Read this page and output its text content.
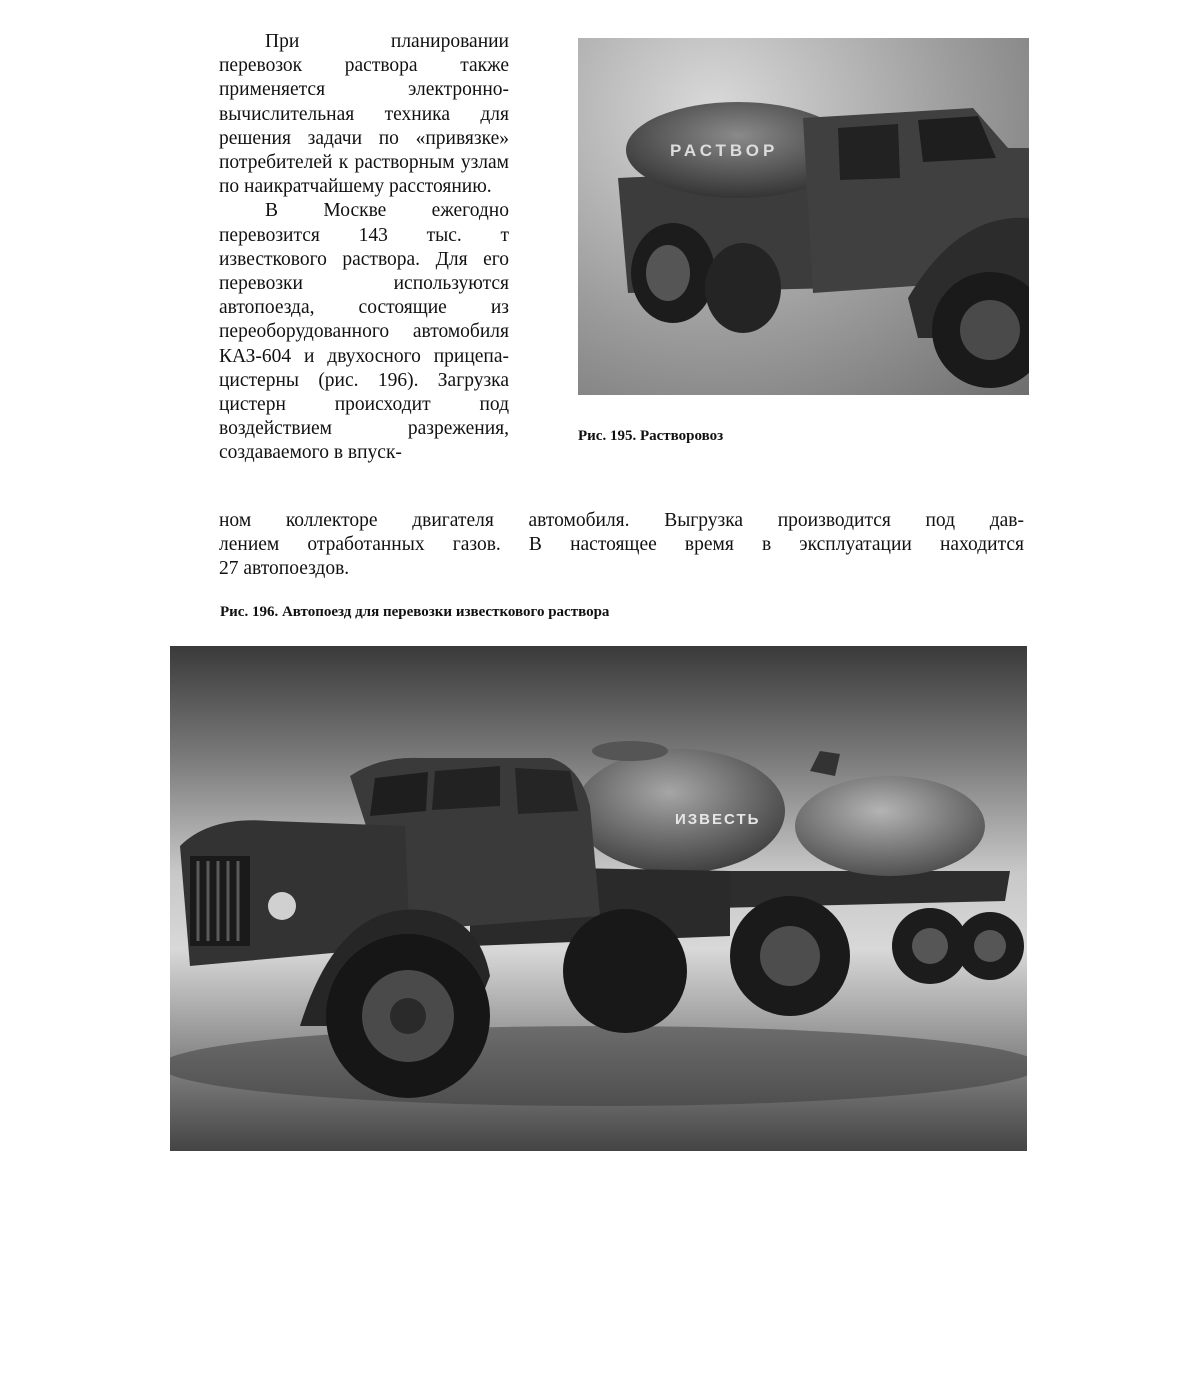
При планировании перевозок раствора также применяется электронно-вычислительная техника для решения задачи по «привязке» потребителей к растворным узлам по наикратчайшему расстоянию.

В Москве ежегодно перевозится 143 тыс. т известкового раствора. Для его перевозки используются автопоезда, состоящие из переоборудованного автомобиля КАЗ-604 и двухосного прицепа-цистерны (рис. 196). Загрузка цистерн происходит под воздействием разрежения, создаваемого в впуск-

РАСТВОР
Рис. 195. Растворовоз
ном коллекторе двигателя автомобиля. Выгрузка производится под дав-
лением отработанных газов. В настоящее время в эксплуатации находится
27 автопоездов.
Рис. 196. Автопоезд для перевозки известкового раствора
ИЗВЕСТЬ
